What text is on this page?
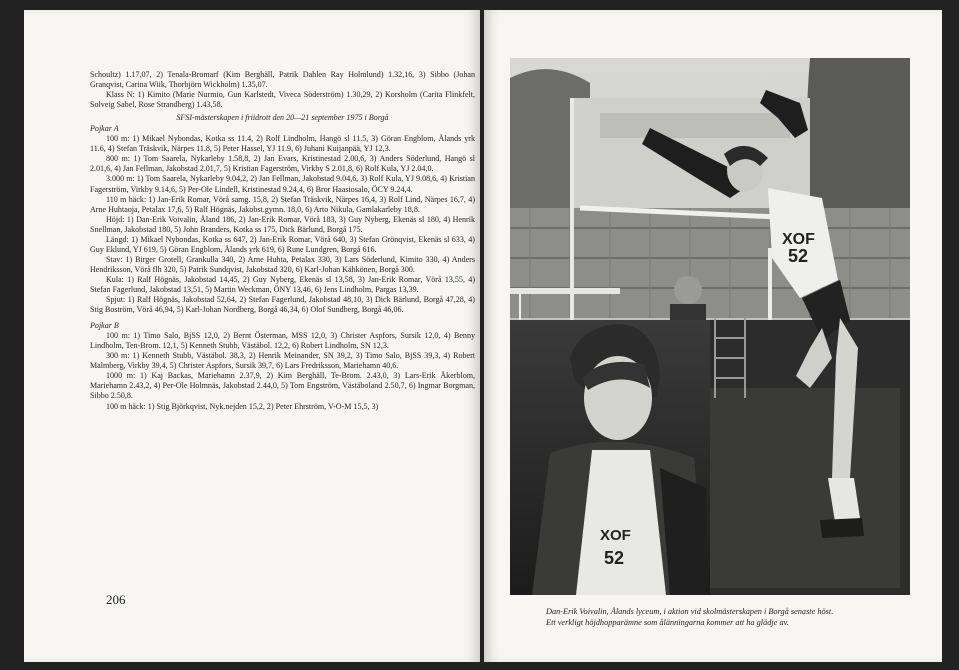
Schoultz) 1.17,07, 2) Tenala-Bromarf (Kim Berghäll, Patrik Dahlen Ray Holmlund) 1.32,16, 3) Sibbo (Johan Granqvist, Carina Wiik, Thorbjörn Wickholm) 1.35,07.

Klass N: 1) Kimito (Marie Nurmio, Gun Karlstedt, Viveca Söderström) 1.30,29, 2) Korsholm (Carita Flinkfelt, Solveig Sabel, Rose Strandberg) 1.43,58.

SFSI-mästerskapen i friidrott den 20—21 september 1975 i Borgå

Pojkar A

100 m: 1) Mikael Nybondas, Kotka ss 11.4, 2) Rolf Lindholm, Hangö sl 11.5, 3) Göran Engblom, Ålands yrk 11.6, 4) Stefan Träskvik, Närpes 11.8, 5) Peter Hassel, YJ 11.9, 6) Juhani Kuijanpää, YJ 12,3.

800 m: 1) Tom Saarela, Nykarleby 1.58,8, 2) Jan Evars, Kristinestad 2.00,6, 3) Anders Söderlund, Hangö sl 2.01,6, 4) Jan Fellman, Jakobstad 2.01,7, 5) Kristian Fagerström, Virkby S 2.01,8, 6) Rolf Kula, YJ 2.04,0.

3.000 m: 1) Tom Saarela, Nykarleby 9.04,2, 2) Jan Fellman, Jakobstad 9.04,6, 3) Rolf Kula, YJ 9.08,6, 4) Kristian Fagerström, Virkby 9.14,6, 5) Per-Ole Lindell, Kristinestad 9.24,4, 6) Bror Haasiosalo, ÖCY 9.24,4.

110 m häck: 1) Jan-Erik Romar, Vörå samg. 15,8, 2) Stefan Träskvik, Närpes 16,4, 3) Rolf Lind, Närpes 16,7, 4) Arne Huhtaoja, Petalax 17,6, 5) Ralf Högnäs, Jakobst.gymn. 18,0, 6) Arto Nikula, Gamlakarleby 18,8.

Höjd: 1) Dan-Erik Voivalin, Åland 186, 2) Jan-Erik Romar, Vörå 183, 3) Guy Nyberg, Ekenäs sl 180, 4) Henrik Snellman, Jakobstad 180, 5) John Branders, Kotka ss 175, Dick Bärlund, Borgå 175.

Längd: 1) Mikael Nybondas, Kotka ss 647, 2) Jan-Erik Romar, Vörå 640, 3) Stefan Grönqvist, Ekenäs sl 633, 4) Guy Eklund, YJ 619, 5) Göran Engblom, Ålands yrk 619, 6) Rune Lundgren, Borgå 616.

Stav: 1) Birger Grotell, Grankulla 340, 2) Arne Huhta, Petalax 330, 3) Lars Söderlund, Kimito 330, 4) Anders Hendriksson, Vörå flh 320, 5) Patrik Sundqvist, Jakobstad 320, 6) Karl-Johan Kähkönen, Borgå 300.

Kula: 1) Ralf Högnäs, Jakobstad 14,45, 2) Guy Nyberg, Ekenäs sl 13,58, 3) Jan-Erik Romar, Vörå 13,55, 4) Stefan Fagerlund, Jakobstad 13,51, 5) Martin Weckman, ÖNY 13,46, 6) Jens Lindholm, Pargas 13,39.

Spjut: 1) Ralf Högnäs, Jakobstad 52,64, 2) Stefan Fagerlund, Jakobstad 48,10, 3) Dick Bärlund, Borgå 47,28, 4) Stig Boström, Vörå 46,94, 5) Karl-Johan Nordberg, Borgå 46,34, 6) Olof Sundberg, Borgå 46,06.

Pojkar B

100 m: 1) Timo Salo, BjSS 12,0, 2) Bernt Österman, MSS 12,0, 3) Christer Aspfors, Sursik 12,0, 4) Benny Lindholm, Ten-Brom. 12,1, 5) Kenneth Stubb, Västäbol. 12,2, 6) Robert Lindholm, SN 12,3.

300 m: 1) Kenneth Stubb, Västäbol. 38,3, 2) Henrik Meinander, SN 39,2, 3) Timo Salo, BjSS 39,3, 4) Robert Malmberg, Virkby 39,4, 5) Christer Aspfors, Sursik 39,7, 6) Lars Fredriksson, Mariehamn 40,6.

1000 m: 1) Kaj Backas, Mariehamn 2.37,9, 2) Kim Berghäll, Te-Brom. 2.43,0, 3) Lars-Erik Åkerblom, Mariehamn 2.43,2, 4) Per-Ole Holmnäs, Jakobstad 2.44,0, 5) Tom Engström, Västäboland 2.50,7, 6) Ingmar Borgman, Sibbo 2.50,8.

100 m häck: 1) Stig Björkqvist, Nyk.nejden 15,2, 2) Peter Ehrström, V-O-M 15,5, 3)

206
XOF
52
XOF
52
Dan-Erik Voivalin, Ålands lyceum, i aktion vid skolmästerskapen i Borgå senaste höst.
Ett verkligt höjdhopparämne som ålänningarna kommer att ha glädje av.
